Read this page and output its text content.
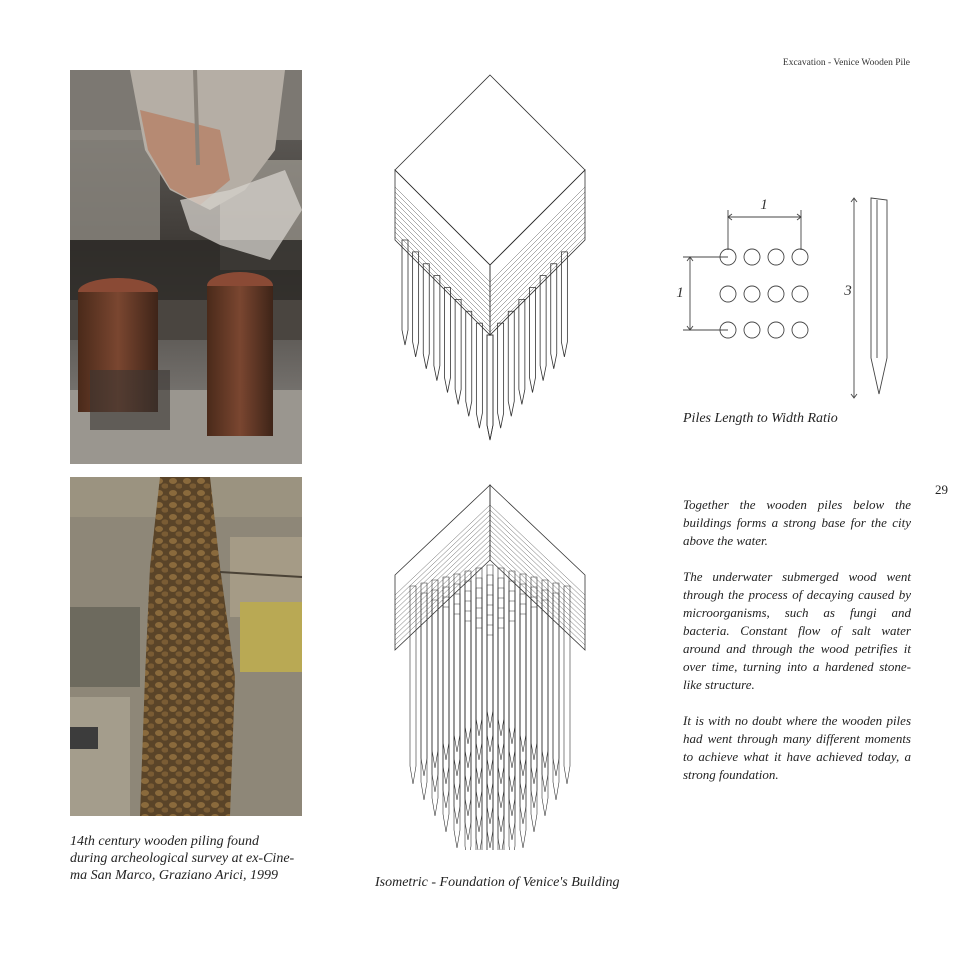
Excavation - Venice Wooden Pile
29
14th century wooden piling found
during archeological survey at ex-Cine-
ma San Marco, Graziano Arici, 1999	Isometric - Foundation of Venice's Building
1
1	3
Piles Length to Width Ratio

Together the wooden piles below the buildings forms a strong base for the city above the water.

The underwater submerged wood went through the process of decaying caused by microorganisms, such as fungi and bacteria. Constant flow of salt water around and through the wood petrifies it over time, turning into a hardened stone-like structure.

It is with no doubt where the wooden piles had went through many different moments to achieve what it have achieved today, a strong foundation.
